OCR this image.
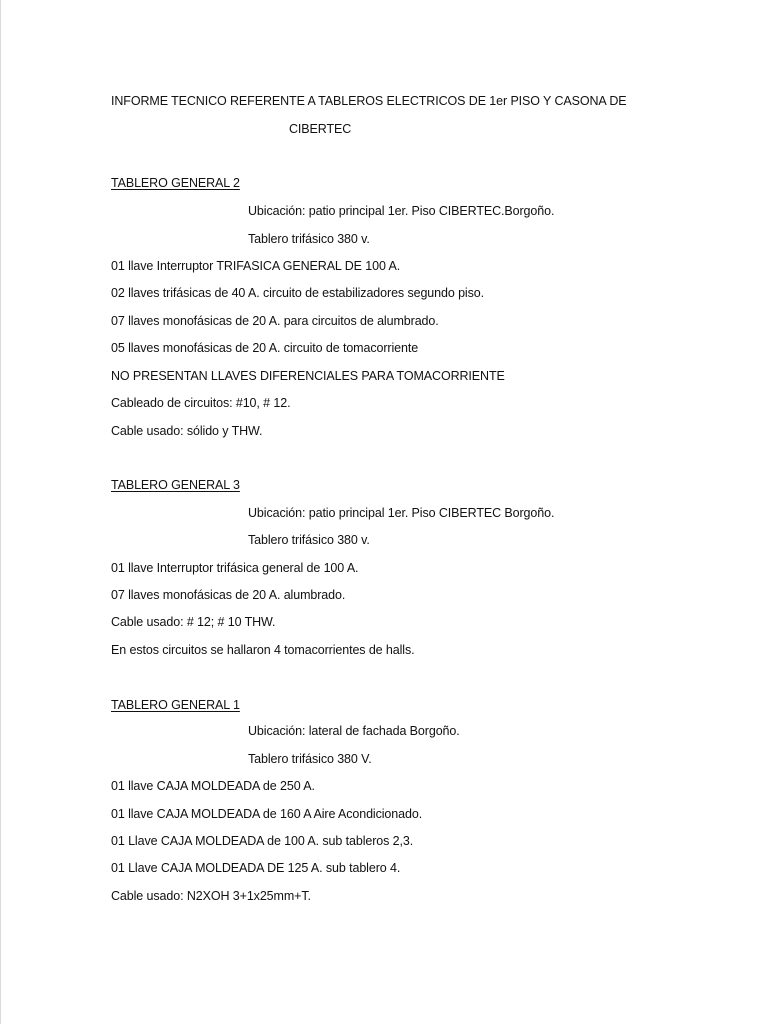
INFORME TECNICO REFERENTE A TABLEROS ELECTRICOS DE 1er PISO Y CASONA DE
CIBERTEC
TABLERO GENERAL 2
Ubicación: patio principal 1er. Piso CIBERTEC.Borgoño.
Tablero trifásico 380 v.
01 llave Interruptor TRIFASICA GENERAL DE 100 A.
02 llaves trifásicas de 40 A. circuito de estabilizadores segundo piso.
07 llaves monofásicas de 20 A. para circuitos de alumbrado.
05 llaves monofásicas de 20 A. circuito de tomacorriente
NO PRESENTAN LLAVES DIFERENCIALES PARA TOMACORRIENTE
Cableado de circuitos: #10, # 12.
Cable usado: sólido y THW.
TABLERO GENERAL 3
Ubicación: patio principal 1er. Piso CIBERTEC Borgoño.
Tablero trifásico 380 v.
01 llave Interruptor trifásica general de 100 A.
07 llaves monofásicas de 20 A. alumbrado.
Cable usado: # 12; # 10 THW.
En estos circuitos se hallaron 4 tomacorrientes de halls.
TABLERO GENERAL 1
Ubicación: lateral de fachada Borgoño.
Tablero trifásico 380 V.
01 llave CAJA MOLDEADA de 250 A.
01 llave CAJA MOLDEADA de 160 A Aire Acondicionado.
01 Llave CAJA MOLDEADA de 100 A. sub tableros 2,3.
01 Llave CAJA MOLDEADA DE 125 A. sub tablero 4.
Cable usado: N2XOH 3+1x25mm+T.
